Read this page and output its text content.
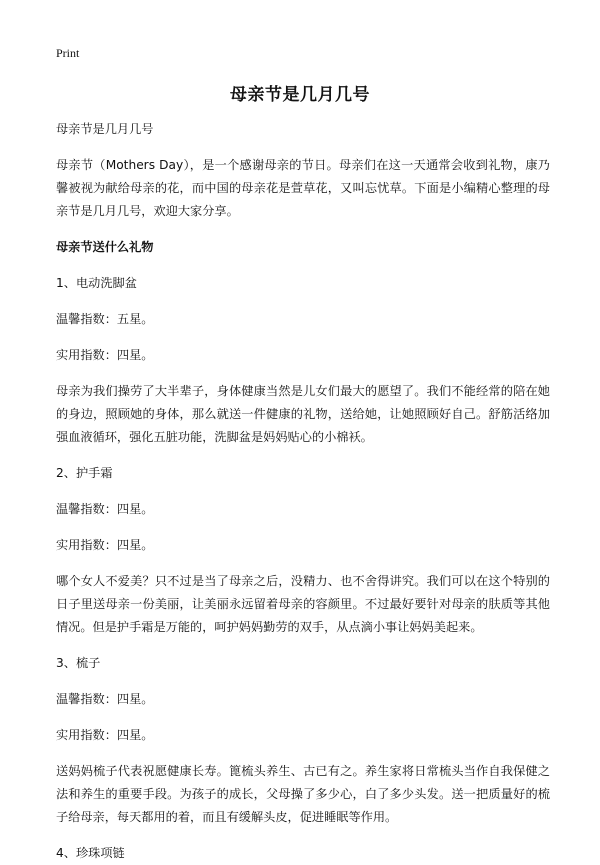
Print
母亲节是几月几号

母亲节是几月几号

母亲节（Mothers Day），是一个感谢母亲的节日。母亲们在这一天通常会收到礼物，康乃馨被视为献给母亲的花，而中国的母亲花是萱草花，又叫忘忧草。下面是小编精心整理的母亲节是几月几号，欢迎大家分享。

母亲节送什么礼物

1、电动洗脚盆

温馨指数：五星。

实用指数：四星。

母亲为我们操劳了大半辈子，身体健康当然是儿女们最大的愿望了。我们不能经常的陪在她的身边，照顾她的身体，那么就送一件健康的礼物，送给她，让她照顾好自己。舒筋活络加强血液循环，强化五脏功能，洗脚盆是妈妈贴心的小棉袄。

2、护手霜

温馨指数：四星。

实用指数：四星。

哪个女人不爱美？只不过是当了母亲之后，没精力、也不舍得讲究。我们可以在这个特别的日子里送母亲一份美丽，让美丽永远留着母亲的容颜里。不过最好要针对母亲的肤质等其他情况。但是护手霜是万能的，呵护妈妈勤劳的双手，从点滴小事让妈妈美起来。

3、梳子

温馨指数：四星。

实用指数：四星。

送妈妈梳子代表祝愿健康长寿。篦梳头养生、古已有之。养生家将日常梳头当作自我保健之法和养生的重要手段。为孩子的成长，父母操了多少心，白了多少头发。送一把质量好的梳子给母亲，每天都用的着，而且有缓解头皮，促进睡眠等作用。

4、珍珠项链
